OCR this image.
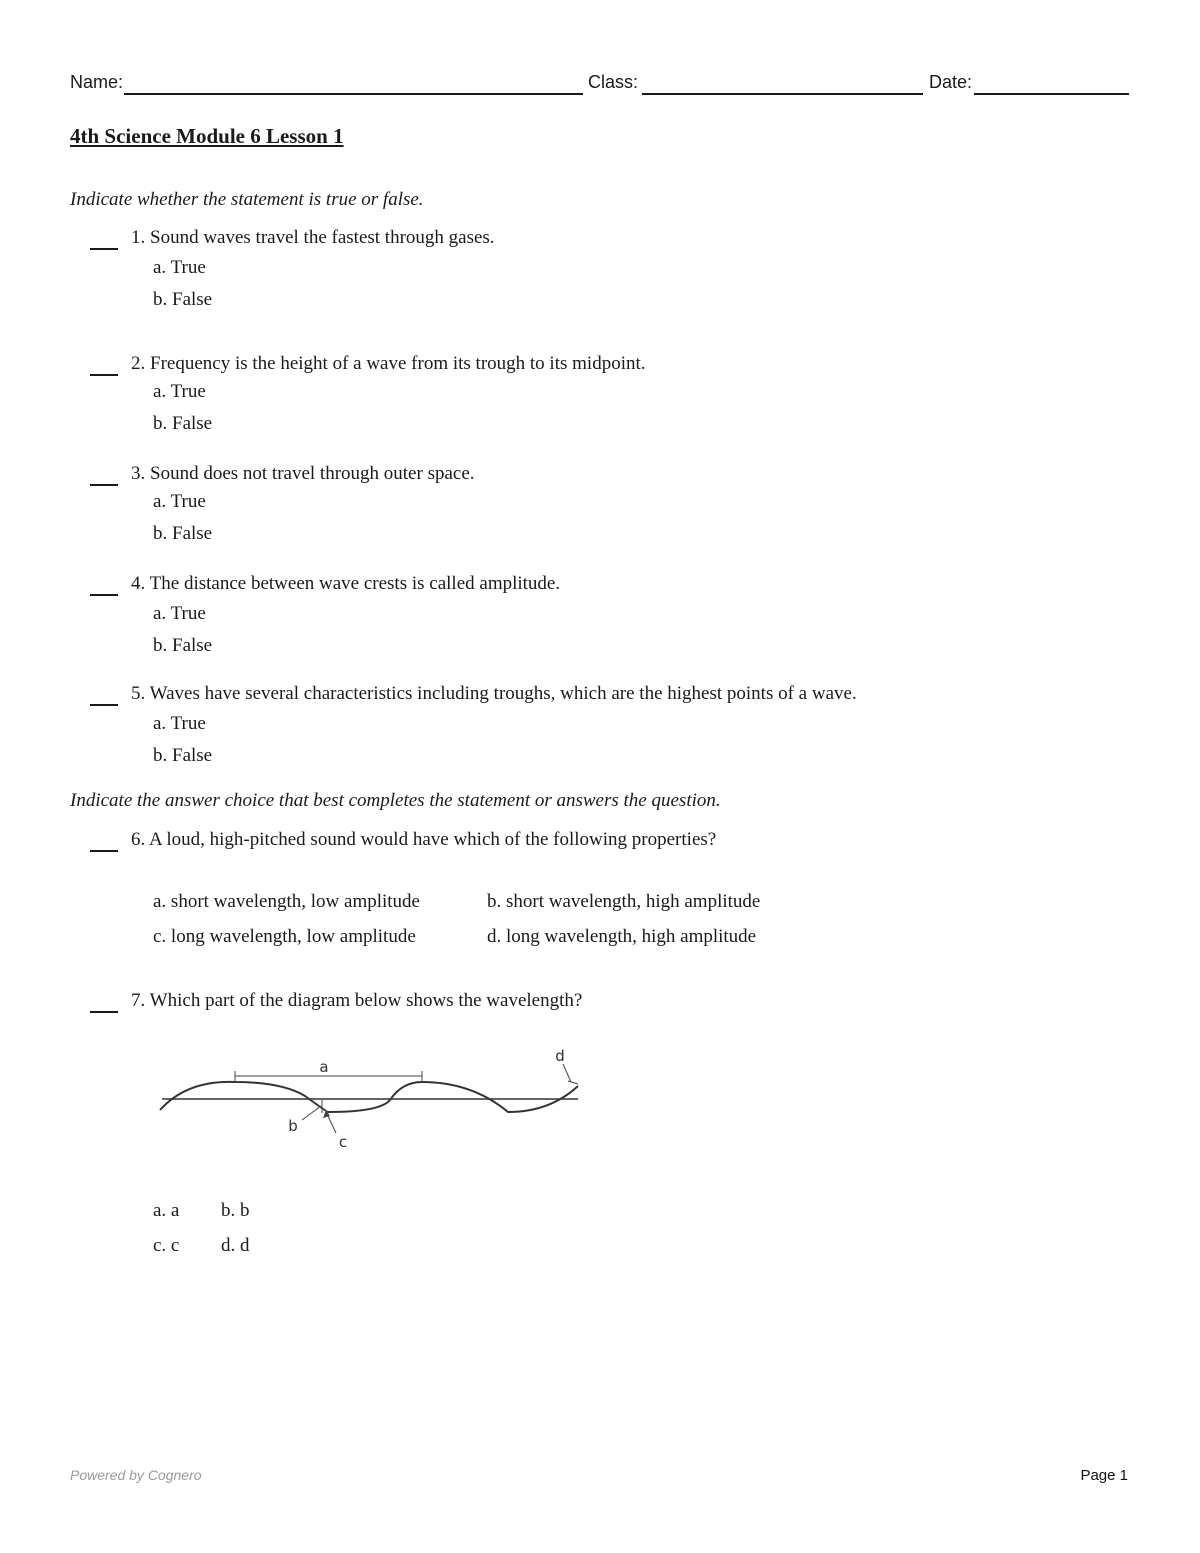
Name:	Class:	Date:
4th Science Module 6 Lesson 1
Indicate whether the statement is true or false.
1. Sound waves travel the fastest through gases.
a. True
b. False
2. Frequency is the height of a wave from its trough to its midpoint.
a. True
b. False
3. Sound does not travel through outer space.
a. True
b. False
4. The distance between wave crests is called amplitude.
a. True
b. False
5. Waves have several characteristics including troughs, which are the highest points of a wave.
a. True
b. False
Indicate the answer choice that best completes the statement or answers the question.
6. A loud, high-pitched sound would have which of the following properties?
a. short wavelength, low amplitude	b. short wavelength, high amplitude
c. long wavelength, low amplitude	d. long wavelength, high amplitude
7. Which part of the diagram below shows the wavelength?
a
b
c
d
a. a b. b
c. c d. d
Powered by Cognero	Page 1
